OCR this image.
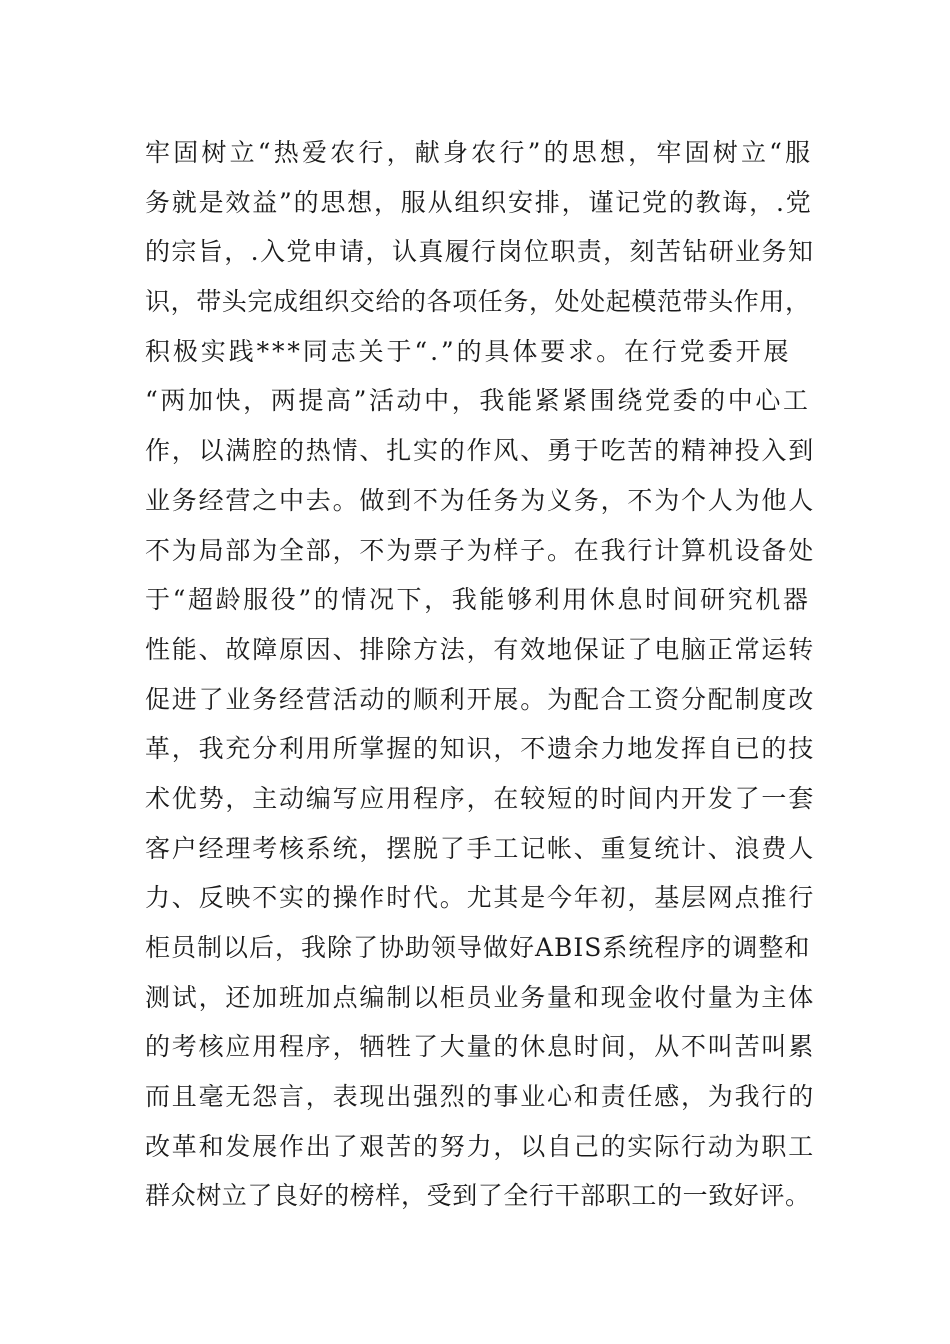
牢固树立“热爱农行，献身农行”的思想，牢固树立“服
务就是效益”的思想，服从组织安排，谨记党的教诲，.党
的宗旨，.入党申请，认真履行岗位职责，刻苦钻研业务知
识，带头完成组织交给的各项任务，处处起模范带头作用，
积极实践***同志关于“.”的具体要求。在行党委开展
“两加快，两提高”活动中，我能紧紧围绕党委的中心工
作，以满腔的热情、扎实的作风、勇于吃苦的精神投入到
业务经营之中去。做到不为任务为义务，不为个人为他人
不为局部为全部，不为票子为样子。在我行计算机设备处
于“超龄服役”的情况下，我能够利用休息时间研究机器
性能、故障原因、排除方法，有效地保证了电脑正常运转
促进了业务经营活动的顺利开展。为配合工资分配制度改
革，我充分利用所掌握的知识，不遗余力地发挥自已的技
术优势，主动编写应用程序，在较短的时间内开发了一套
客户经理考核系统，摆脱了手工记帐、重复统计、浪费人
力、反映不实的操作时代。尤其是今年初，基层网点推行
柜员制以后，我除了协助领导做好ABIS系统程序的调整和
测试，还加班加点编制以柜员业务量和现金收付量为主体
的考核应用程序，牺牲了大量的休息时间，从不叫苦叫累
而且毫无怨言，表现出强烈的事业心和责任感，为我行的
改革和发展作出了艰苦的努力，以自己的实际行动为职工
群众树立了良好的榜样，受到了全行干部职工的一致好评。
